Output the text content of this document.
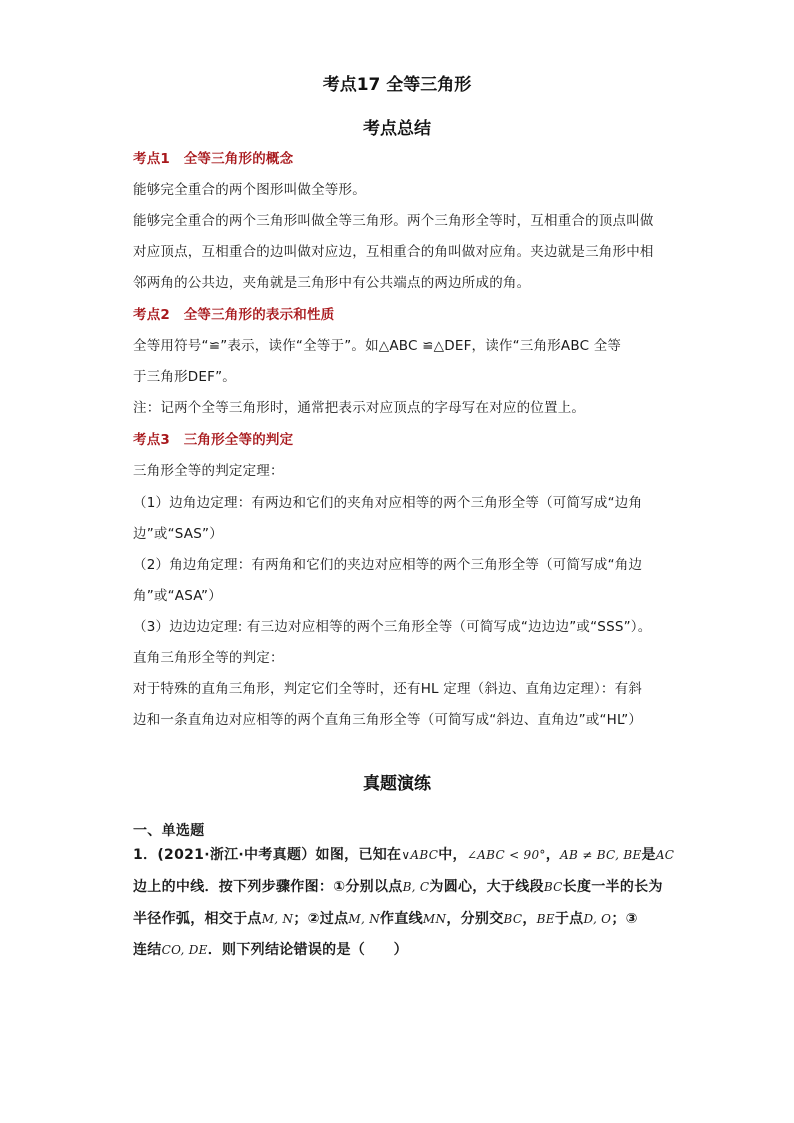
考点17 全等三角形
考点总结
考点1　全等三角形的概念
能够完全重合的两个图形叫做全等形。
能够完全重合的两个三角形叫做全等三角形。两个三角形全等时，互相重合的顶点叫做
对应顶点，互相重合的边叫做对应边，互相重合的角叫做对应角。夹边就是三角形中相
邻两角的公共边，夹角就是三角形中有公共端点的两边所成的角。
考点2　全等三角形的表示和性质
全等用符号“≌”表示，读作“全等于”。如△ABC ≌△DEF，读作“三角形ABC 全等
于三角形DEF”。
注：记两个全等三角形时，通常把表示对应顶点的字母写在对应的位置上。
考点3　三角形全等的判定
三角形全等的判定定理：
（1）边角边定理：有两边和它们的夹角对应相等的两个三角形全等（可简写成“边角
边”或“SAS”）
（2）角边角定理：有两角和它们的夹边对应相等的两个三角形全等（可简写成“角边
角”或“ASA”）
（3）边边边定理: 有三边对应相等的两个三角形全等（可简写成“边边边”或“SSS”）。
直角三角形全等的判定：
对于特殊的直角三角形，判定它们全等时，还有HL 定理（斜边、直角边定理）：有斜
边和一条直角边对应相等的两个直角三角形全等（可简写成“斜边、直角边”或“HL”）
真题演练
一、单选题
1．(2021·浙江·中考真题）如图，已知在∨ABC中，∠ABC < 90°，AB ≠ BC, BE是AC
边上的中线．按下列步骤作图：①分别以点B, C为圆心，大于线段BC长度一半的长为
半径作弧，相交于点M, N；②过点M, N作直线MN，分别交BC，BE于点D, O；③
连结CO, DE．则下列结论错误的是（　　）
